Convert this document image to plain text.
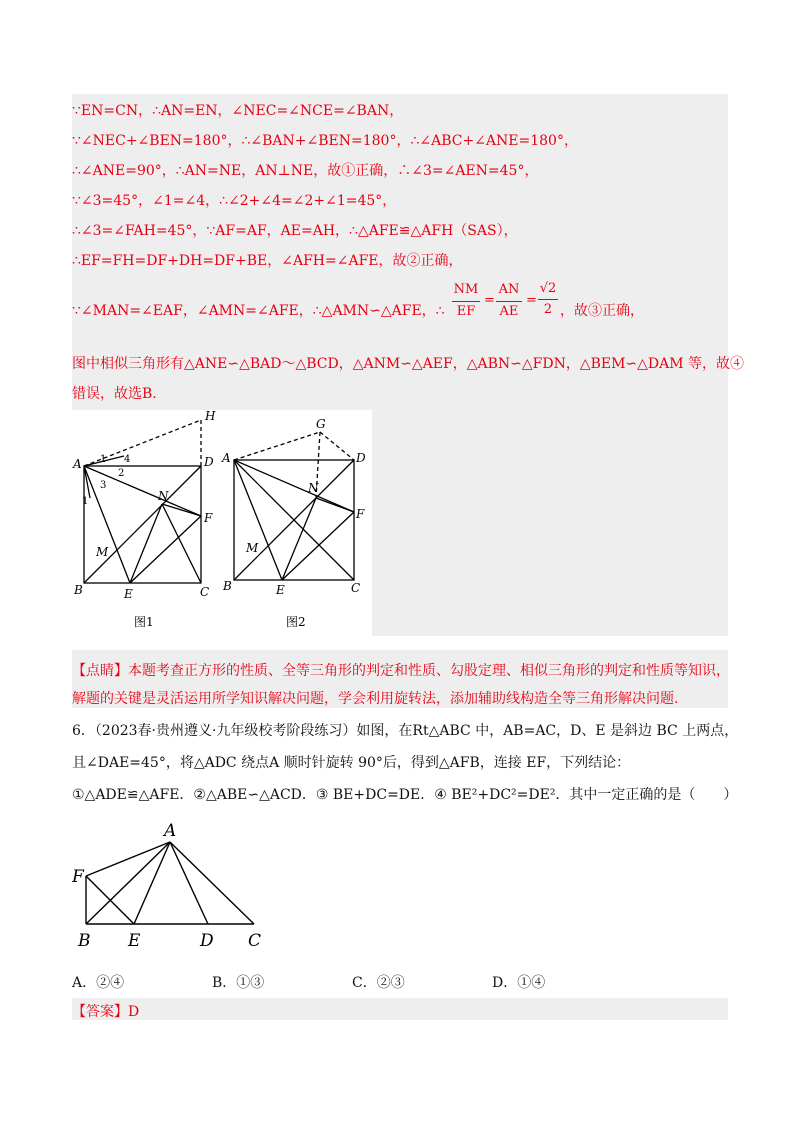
∵EN=CN，∴AN=EN，∠NEC=∠NCE=∠BAN，
∵∠NEC+∠BEN=180°，∴∠BAN+∠BEN=180°，∴∠ABC+∠ANE=180°，
∴∠ANE=90°，∴AN=NE，AN⊥NE，故①正确，∴∠3=∠AEN=45°，
∵∠3=45°，∠1=∠4，∴∠2+∠4=∠2+∠1=45°，
∴∠3=∠FAH=45°，∵AF=AF，AE=AH，∴△AFE≌△AFH（SAS），
∴EF=FH=DF+DH=DF+BE，∠AFH=∠AFE，故②正确，
∵∠MAN=∠EAF，∠AMN=∠AFE，∴△AMN∽△AFE，∴
NM
EF
=
AN
AE
=
√2
2 ，故③正确，
图中相似三角形有△ANE∽△BAD～△BCD，△ANM∽△AEF，△ABN∽△FDN，△BEM∽△DAM 等，故④
错误，故选B.
A
B	C
D
E
F
H
M
N
1
2
3
4
1
A
B	C
D
E
F
G
M
N
图1	图2
【点睛】本题考查正方形的性质、全等三角形的判定和性质、勾股定理、相似三角形的判定和性质等知识，
解题的关键是灵活运用所学知识解决问题，学会利用旋转法，添加辅助线构造全等三角形解决问题.
6．（2023春·贵州遵义·九年级校考阶段练习）如图，在Rt△ABC 中，AB=AC，D、E 是斜边 BC 上两点，
且∠DAE=45°，将△ADC 绕点A 顺时针旋转 90°后，得到△AFB，连接 EF，下列结论：
①△ADE≌△AFE．②△ABE∽△ACD．③ BE+DC=DE．④ BE²+DC²=DE²．其中一定正确的是（　　）
A
F
B E	D C
A．②④	B．①③	C．②③	D．①④
【答案】D
